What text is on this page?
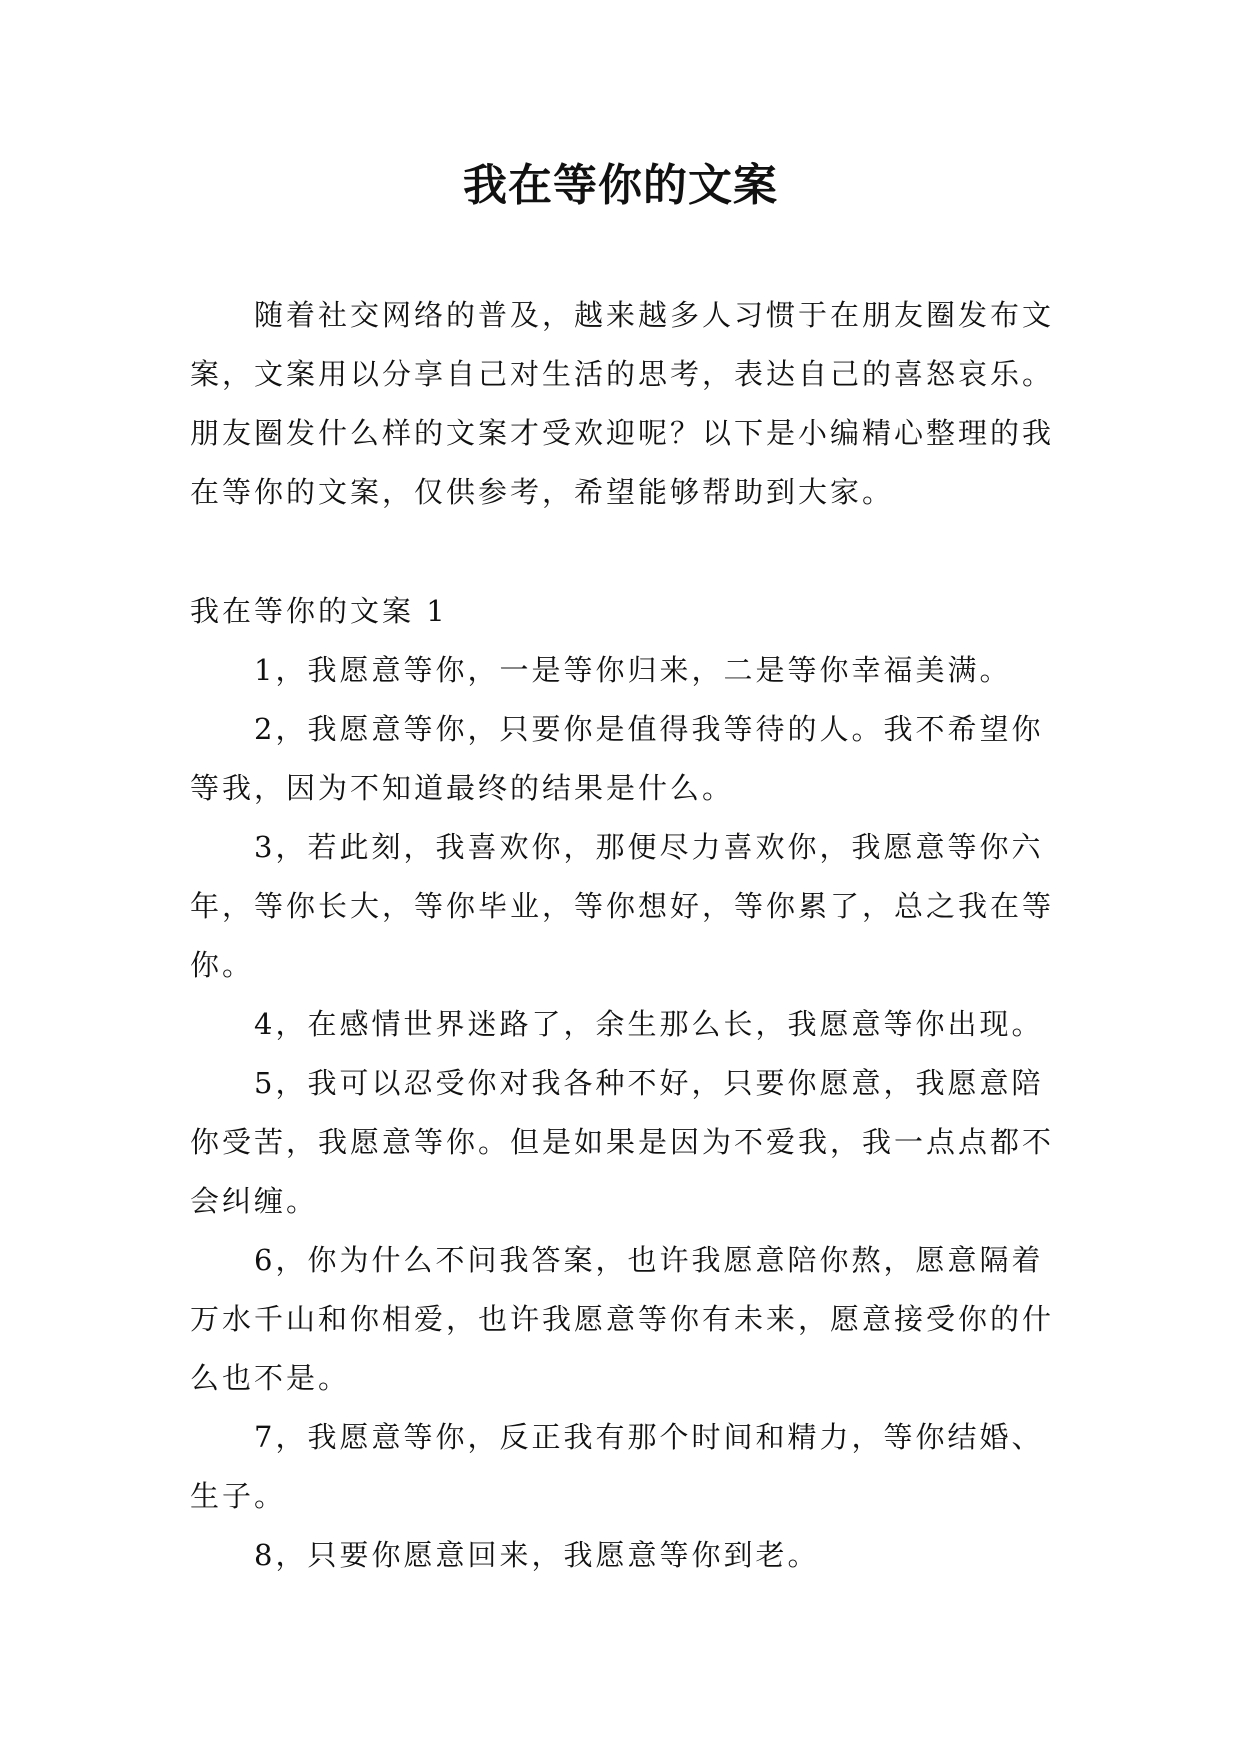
我在等你的文案

随着社交网络的普及，越来越多人习惯于在朋友圈发布文案，文案用以分享自己对生活的思考，表达自己的喜怒哀乐。朋友圈发什么样的文案才受欢迎呢？以下是小编精心整理的我在等你的文案，仅供参考，希望能够帮助到大家。

我在等你的文案 1

1，我愿意等你，一是等你归来，二是等你幸福美满。

2，我愿意等你，只要你是值得我等待的人。我不希望你等我，因为不知道最终的结果是什么。

3，若此刻，我喜欢你，那便尽力喜欢你，我愿意等你六年，等你长大，等你毕业，等你想好，等你累了，总之我在等你。

4，在感情世界迷路了，余生那么长，我愿意等你出现。

5，我可以忍受你对我各种不好，只要你愿意，我愿意陪你受苦，我愿意等你。但是如果是因为不爱我，我一点点都不会纠缠。

6，你为什么不问我答案，也许我愿意陪你熬，愿意隔着万水千山和你相爱，也许我愿意等你有未来，愿意接受你的什么也不是。

7，我愿意等你，反正我有那个时间和精力，等你结婚、生子。

8，只要你愿意回来，我愿意等你到老。
